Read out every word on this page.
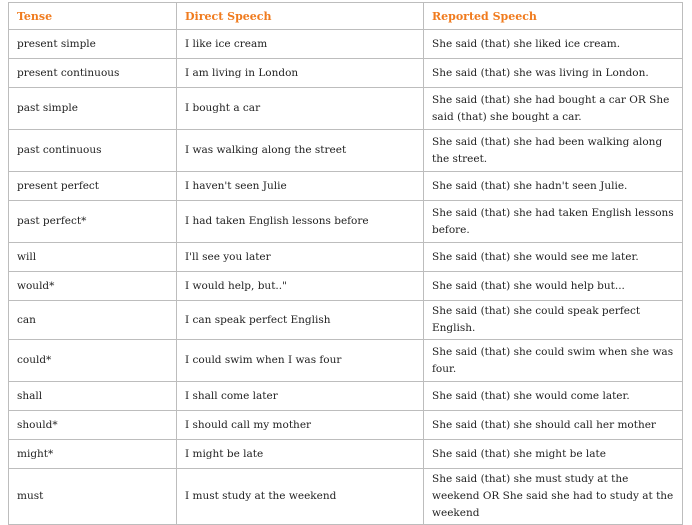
Tense	Direct Speech	Reported Speech
present simple	I like ice cream	She said (that) she liked ice cream.
present continuous	I am living in London	She said (that) she was living in London.
past simple	I bought a car	She said (that) she had bought a car OR She said (that) she bought a car.
past continuous	I was walking along the street	She said (that) she had been walking along the street.
present perfect	I haven't seen Julie	She said (that) she hadn't seen Julie.
past perfect*	I had taken English lessons before	She said (that) she had taken English lessons before.
will	I'll see you later	She said (that) she would see me later.
would*	I would help, but.."	She said (that) she would help but...
can	I can speak perfect English	She said (that) she could speak perfect English.
could*	I could swim when I was four	She said (that) she could swim when she was four.
shall	I shall come later	She said (that) she would come later.
should*	I should call my mother	She said (that) she should call her mother
might*	I might be late	She said (that) she might be late
must	I must study at the weekend	She said (that) she must study at the weekend OR She said she had to study at the weekend
